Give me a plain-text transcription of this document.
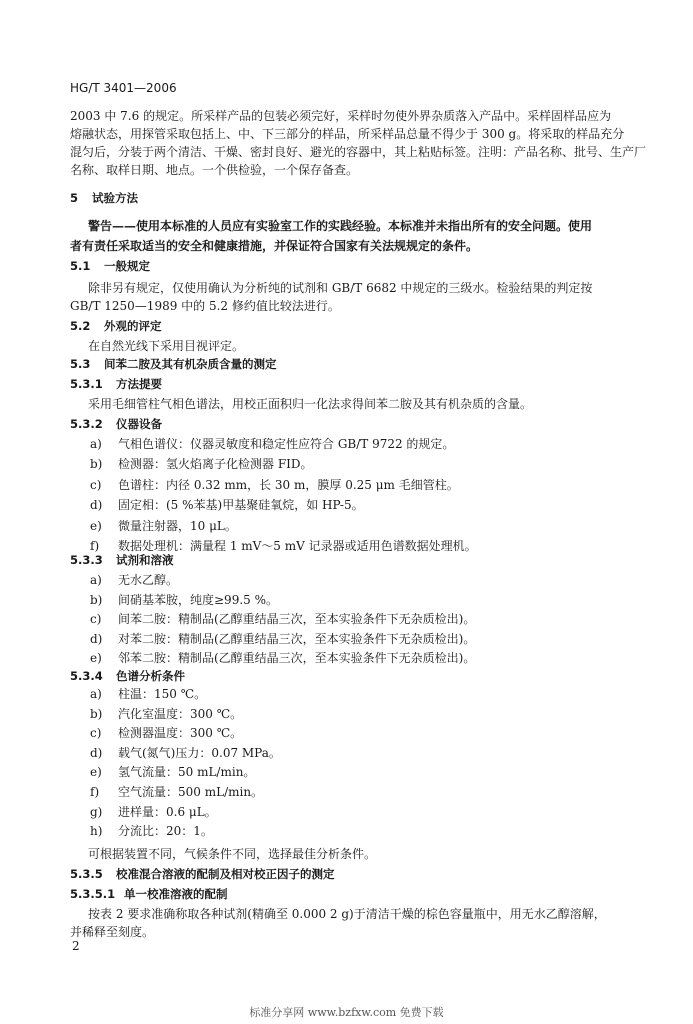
HG/T 3401—2006
2003 中 7.6 的规定。所采样产品的包装必须完好，采样时勿使外界杂质落入产品中。采样固样品应为
熔融状态，用探管采取包括上、中、下三部分的样品，所采样品总量不得少于 300 g。将采取的样品充分
混匀后，分装于两个清洁、干燥、密封良好、避光的容器中，其上粘贴标签。注明：产品名称、批号、生产厂
名称、取样日期、地点。一个供检验，一个保存备查。
5 试验方法
警告——使用本标准的人员应有实验室工作的实践经验。本标准并未指出所有的安全问题。使用
者有责任采取适当的安全和健康措施，并保证符合国家有关法规规定的条件。
5.1 一般规定
除非另有规定，仅使用确认为分析纯的试剂和 GB/T 6682 中规定的三级水。检验结果的判定按
GB/T 1250—1989 中的 5.2 修约值比较法进行。
5.2 外观的评定
在自然光线下采用目视评定。
5.3 间苯二胺及其有机杂质含量的测定
5.3.1 方法提要
采用毛细管柱气相色谱法，用校正面积归一化法求得间苯二胺及其有机杂质的含量。
5.3.2 仪器设备
a) 气相色谱仪：仪器灵敏度和稳定性应符合 GB/T 9722 的规定。
b) 检测器：氢火焰离子化检测器 FID。
c) 色谱柱：内径 0.32 mm，长 30 m，膜厚 0.25 μm 毛细管柱。
d) 固定相：(5 %苯基)甲基聚硅氧烷，如 HP-5。
e) 微量注射器，10 μL。
f) 数据处理机：满量程 1 mV～5 mV 记录器或适用色谱数据处理机。
5.3.3 试剂和溶液
a) 无水乙醇。
b) 间硝基苯胺，纯度≥99.5 %。
c) 间苯二胺：精制品(乙醇重结晶三次，至本实验条件下无杂质检出)。
d) 对苯二胺：精制品(乙醇重结晶三次，至本实验条件下无杂质检出)。
e) 邻苯二胺：精制品(乙醇重结晶三次，至本实验条件下无杂质检出)。
5.3.4 色谱分析条件
a) 柱温：150 ℃。
b) 汽化室温度：300 ℃。
c) 检测器温度：300 ℃。
d) 载气(氮气)压力：0.07 MPa。
e) 氢气流量：50 mL/min。
f) 空气流量：500 mL/min。
g) 进样量：0.6 μL。
h) 分流比：20：1。
可根据装置不同，气候条件不同，选择最佳分析条件。
5.3.5 校准混合溶液的配制及相对校正因子的测定
5.3.5.1 单一校准溶液的配制
按表 2 要求准确称取各种试剂(精确至 0.000 2 g)于清洁干燥的棕色容量瓶中，用无水乙醇溶解，
并稀释至刻度。
2
标准分享网 www.bzfxw.com 免费下载
